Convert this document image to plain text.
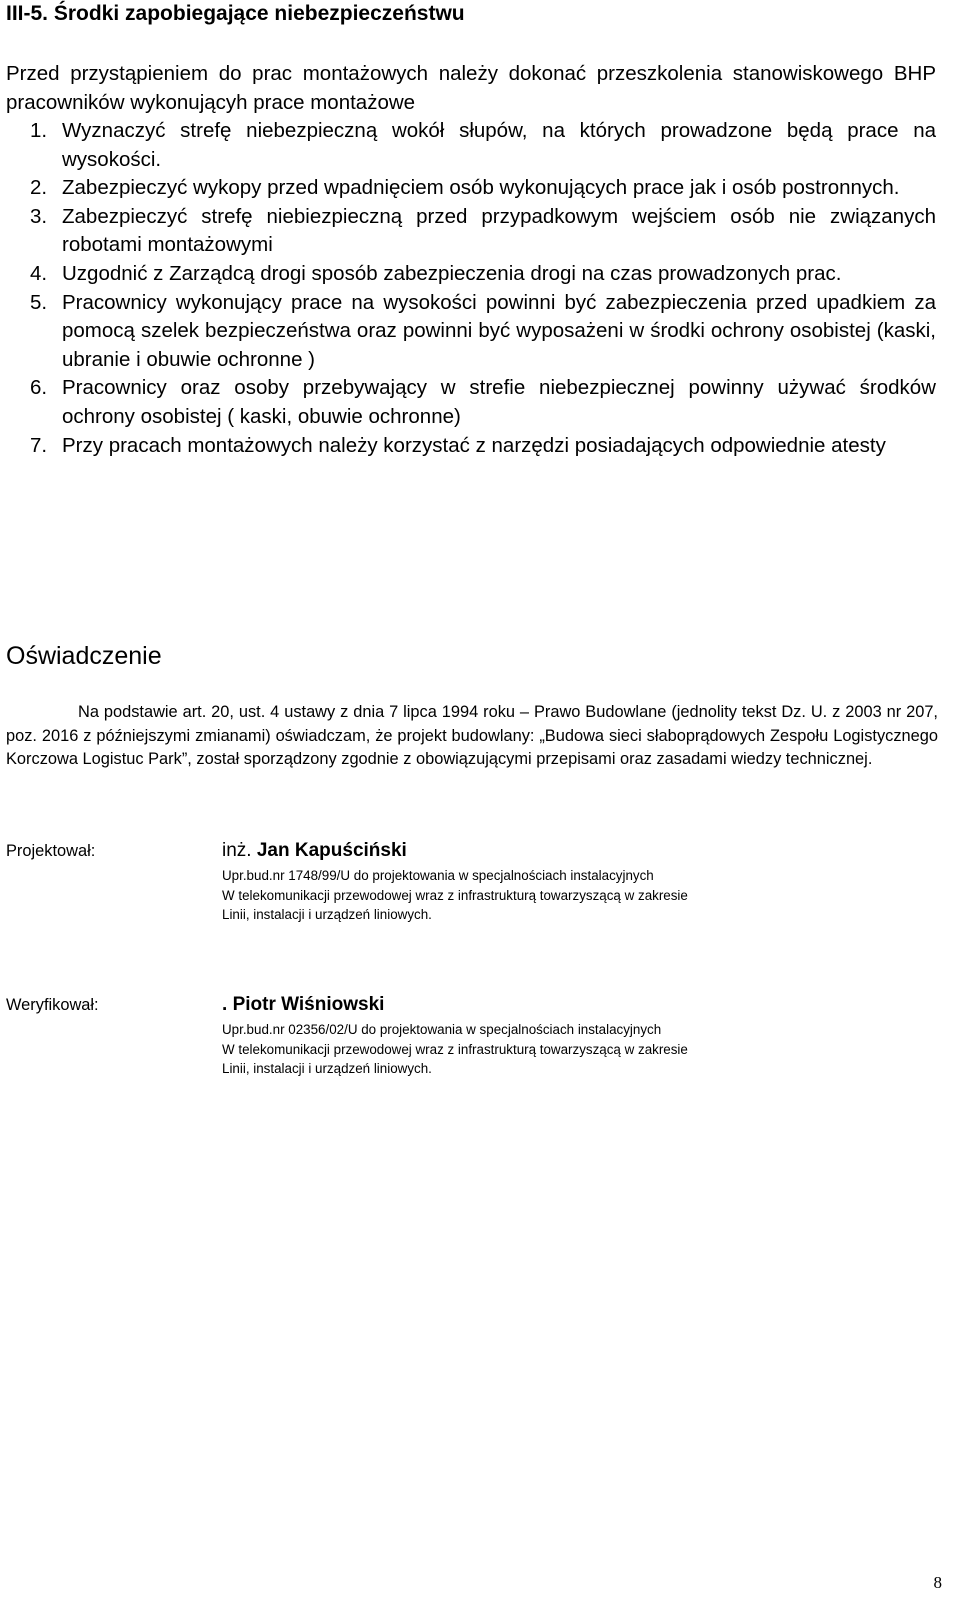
III-5. Środki zapobiegające niebezpieczeństwu

Przed przystąpieniem do prac montażowych należy dokonać przeszkolenia stanowiskowego BHP pracowników wykonującyh prace montażowe

1. Wyznaczyć strefę niebezpieczną wokół słupów, na których prowadzone będą prace na wysokości.
2. Zabezpieczyć wykopy przed wpadnięciem osób wykonujących prace jak i osób postronnych.
3. Zabezpieczyć strefę niebiezpieczną przed przypadkowym wejściem osób nie związanych robotami montażowymi
4. Uzgodnić z Zarządcą drogi sposób zabezpieczenia drogi na czas prowadzonych prac.
5. Pracownicy wykonujący prace na wysokości powinni być zabezpieczenia przed upadkiem za pomocą szelek bezpieczeństwa oraz powinni być wyposażeni w środki ochrony osobistej (kaski, ubranie i obuwie ochronne )
6. Pracownicy oraz osoby przebywający w strefie niebezpiecznej powinny używać środków ochrony osobistej ( kaski, obuwie ochronne)
7. Przy pracach montażowych należy korzystać z narzędzi posiadających odpowiednie atesty
Oświadczenie

Na podstawie art. 20, ust. 4 ustawy z dnia 7 lipca 1994 roku – Prawo Budowlane (jednolity tekst Dz. U. z 2003 nr 207, poz. 2016 z późniejszymi zmianami) oświadczam, że projekt budowlany: „Budowa sieci słaboprądowych Zespołu Logistycznego Korczowa Logistuc Park”, został sporządzony zgodnie z obowiązującymi przepisami oraz zasadami wiedzy technicznej.

Projektował:	inż. Jan Kapuściński
Upr.bud.nr 1748/99/U do projektowania w specjalnościach instalacyjnych
W telekomunikacji przewodowej wraz z infrastrukturą towarzyszącą w zakresie
Linii, instalacji i urządzeń liniowych.
Weryfikował:	. Piotr Wiśniowski
Upr.bud.nr 02356/02/U do projektowania w specjalnościach instalacyjnych
W telekomunikacji przewodowej wraz z infrastrukturą towarzyszącą w zakresie
Linii, instalacji i urządzeń liniowych.
8
